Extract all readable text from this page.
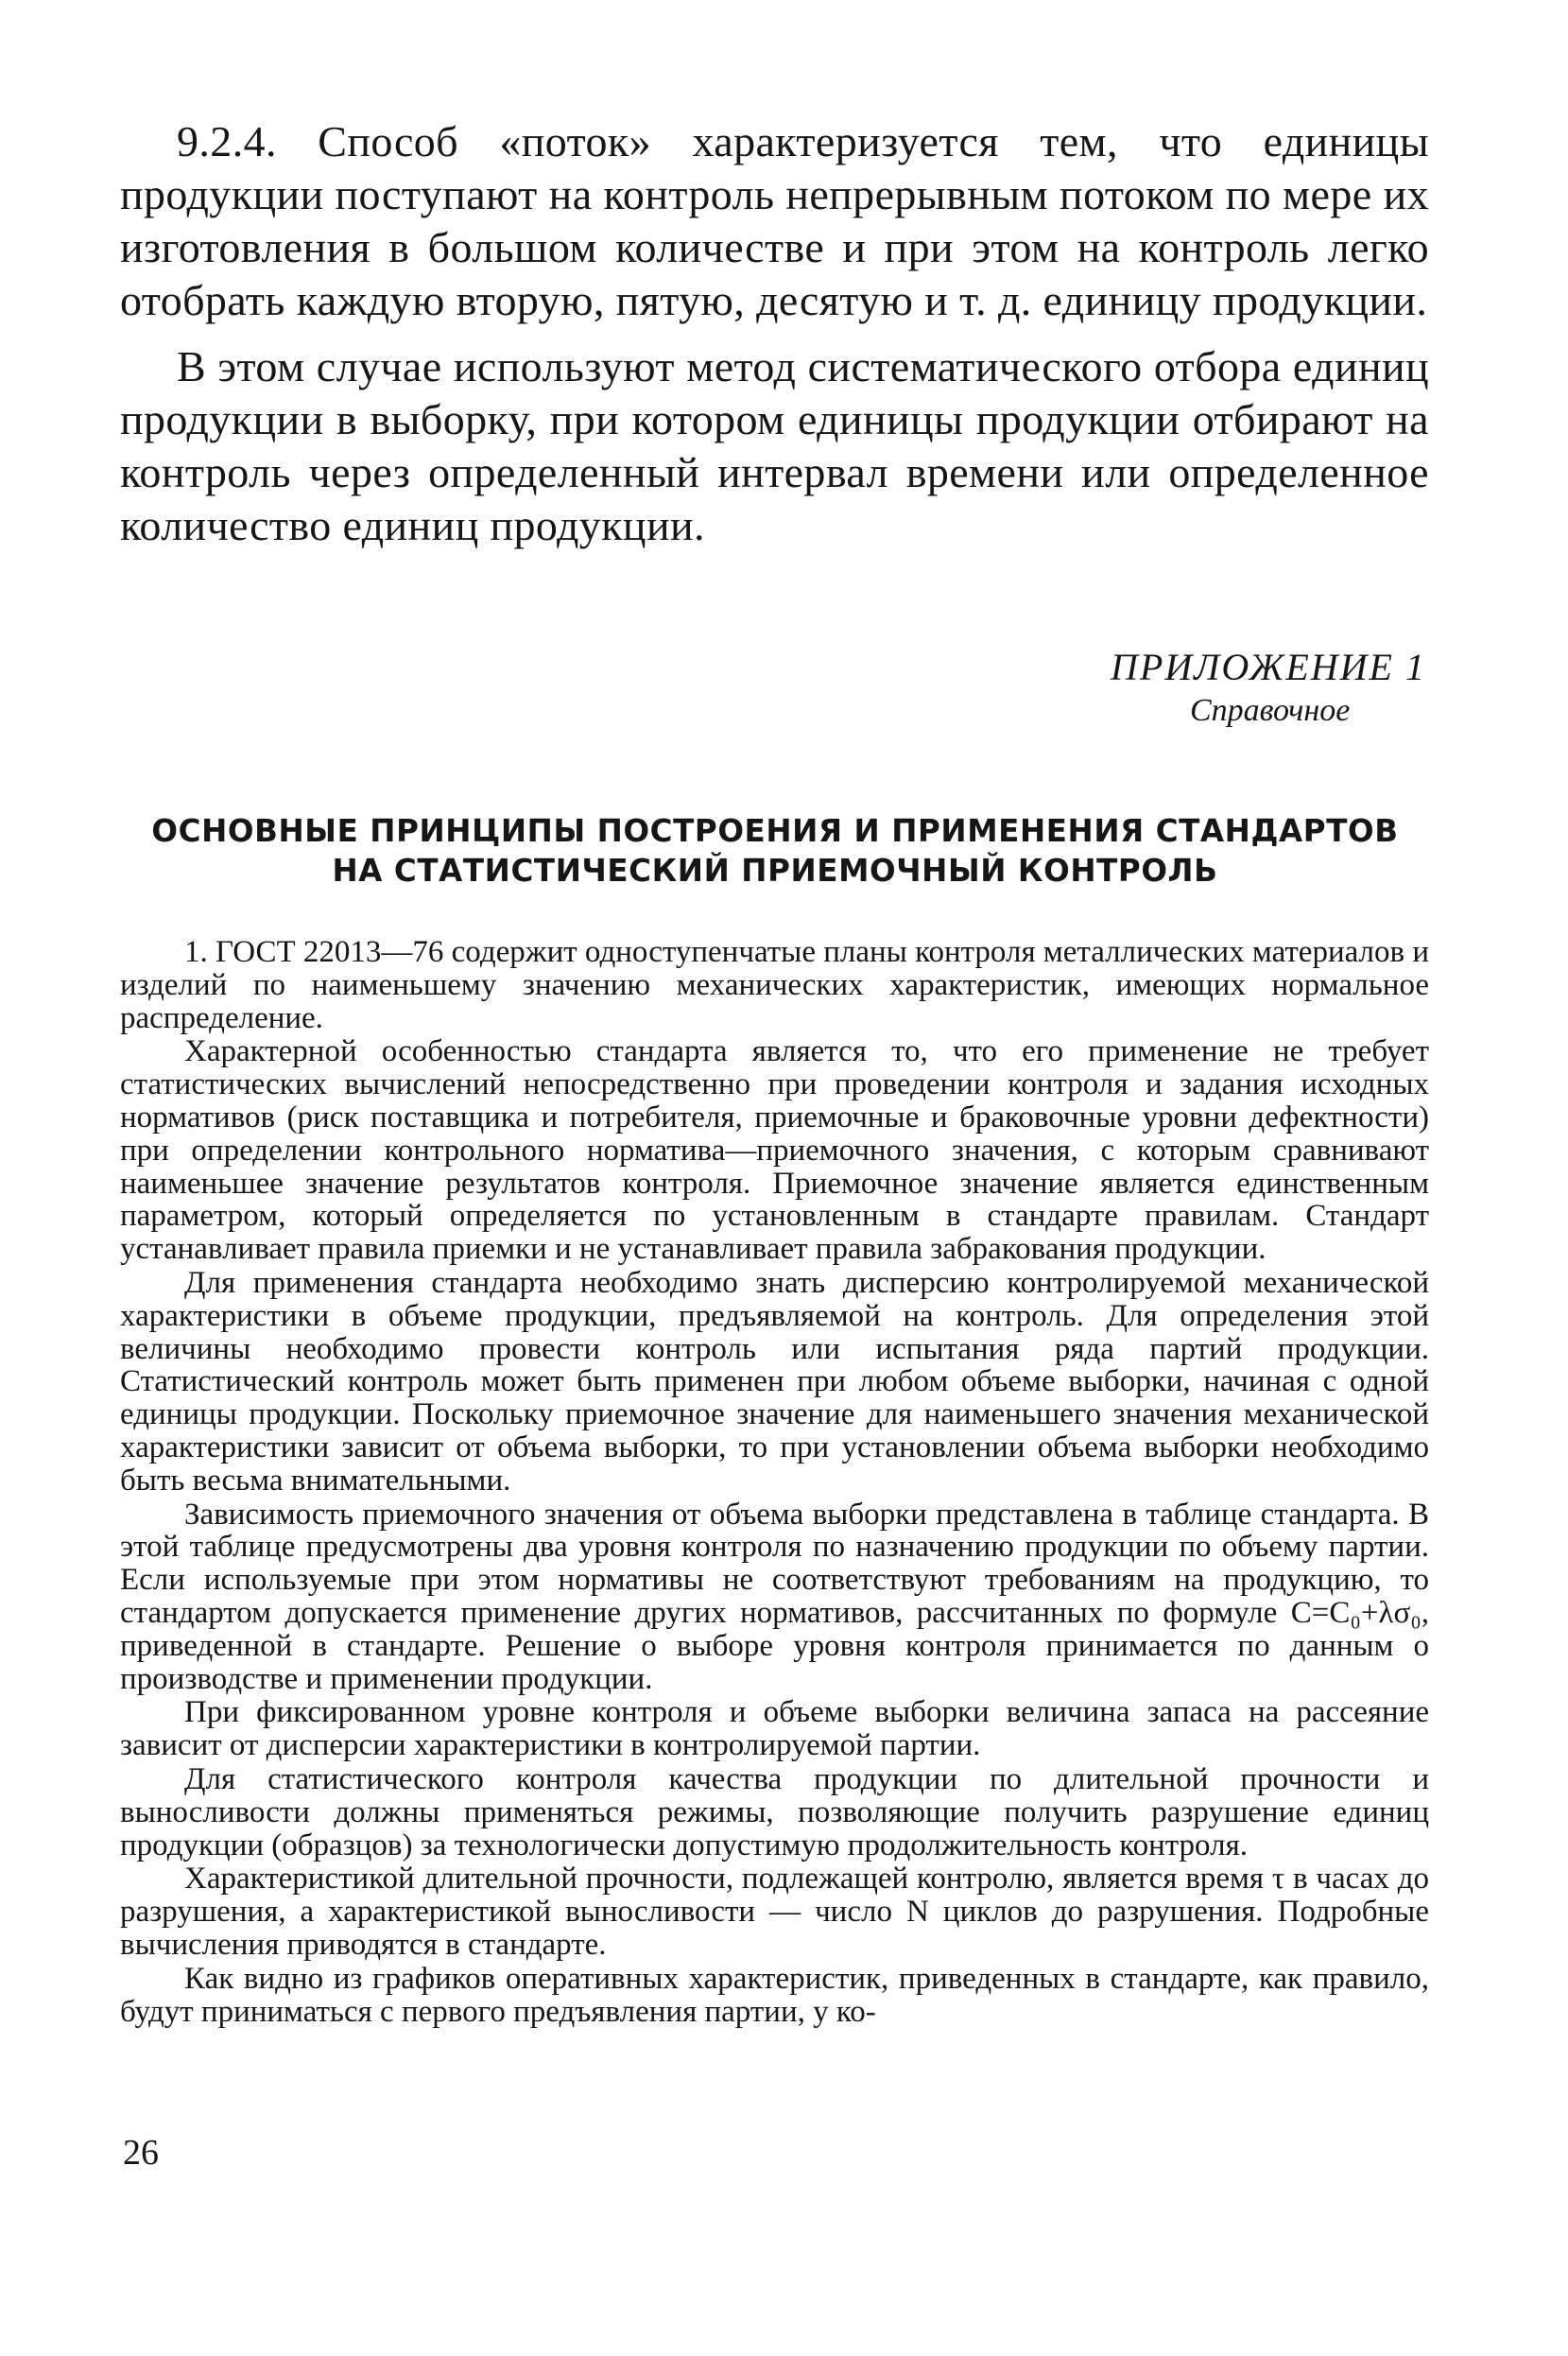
9.2.4. Способ «поток» характеризуется тем, что единицы продукции поступают на контроль непрерывным потоком по мере их изготовления в большом количестве и при этом на контроль легко отобрать каждую вторую, пятую, десятую и т. д. единицу продукции.

В этом случае используют метод систематического отбора единиц продукции в выборку, при котором единицы продукции отбирают на контроль через определенный интервал времени или определенное количество единиц продукции.

ПРИЛОЖЕНИЕ 1
Справочное
ОСНОВНЫЕ ПРИНЦИПЫ ПОСТРОЕНИЯ И ПРИМЕНЕНИЯ СТАНДАРТОВ НА СТАТИСТИЧЕСКИЙ ПРИЕМОЧНЫЙ КОНТРОЛЬ

1. ГОСТ 22013—76 содержит одноступенчатые планы контроля металлических материалов и изделий по наименьшему значению механических характеристик, имеющих нормальное распределение.

Характерной особенностью стандарта является то, что его применение не требует статистических вычислений непосредственно при проведении контроля и задания исходных нормативов (риск поставщика и потребителя, приемочные и браковочные уровни дефектности) при определении контрольного норматива—приемочного значения, с которым сравнивают наименьшее значение результатов контроля. Приемочное значение является единственным параметром, который определяется по установленным в стандарте правилам. Стандарт устанавливает правила приемки и не устанавливает правила забракования продукции.

Для применения стандарта необходимо знать дисперсию контролируемой механической характеристики в объеме продукции, предъявляемой на контроль. Для определения этой величины необходимо провести контроль или испытания ряда партий продукции. Статистический контроль может быть применен при любом объеме выборки, начиная с одной единицы продукции. Поскольку приемочное значение для наименьшего значения механической характеристики зависит от объема выборки, то при установлении объема выборки необходимо быть весьма внимательными.

Зависимость приемочного значения от объема выборки представлена в таблице стандарта. В этой таблице предусмотрены два уровня контроля по назначению продукции по объему партии. Если используемые при этом нормативы не соответствуют требованиям на продукцию, то стандартом допускается применение других нормативов, рассчитанных по формуле C=C₀+λσ₀, приведенной в стандарте. Решение о выборе уровня контроля принимается по данным о производстве и применении продукции.

При фиксированном уровне контроля и объеме выборки величина запаса на рассеяние зависит от дисперсии характеристики в контролируемой партии.

Для статистического контроля качества продукции по длительной прочности и выносливости должны применяться режимы, позволяющие получить разрушение единиц продукции (образцов) за технологически допустимую продолжительность контроля.

Характеристикой длительной прочности, подлежащей контролю, является время τ в часах до разрушения, а характеристикой выносливости — число N циклов до разрушения. Подробные вычисления приводятся в стандарте.

Как видно из графиков оперативных характеристик, приведенных в стандарте, как правило, будут приниматься с первого предъявления партии, у ко-

26
